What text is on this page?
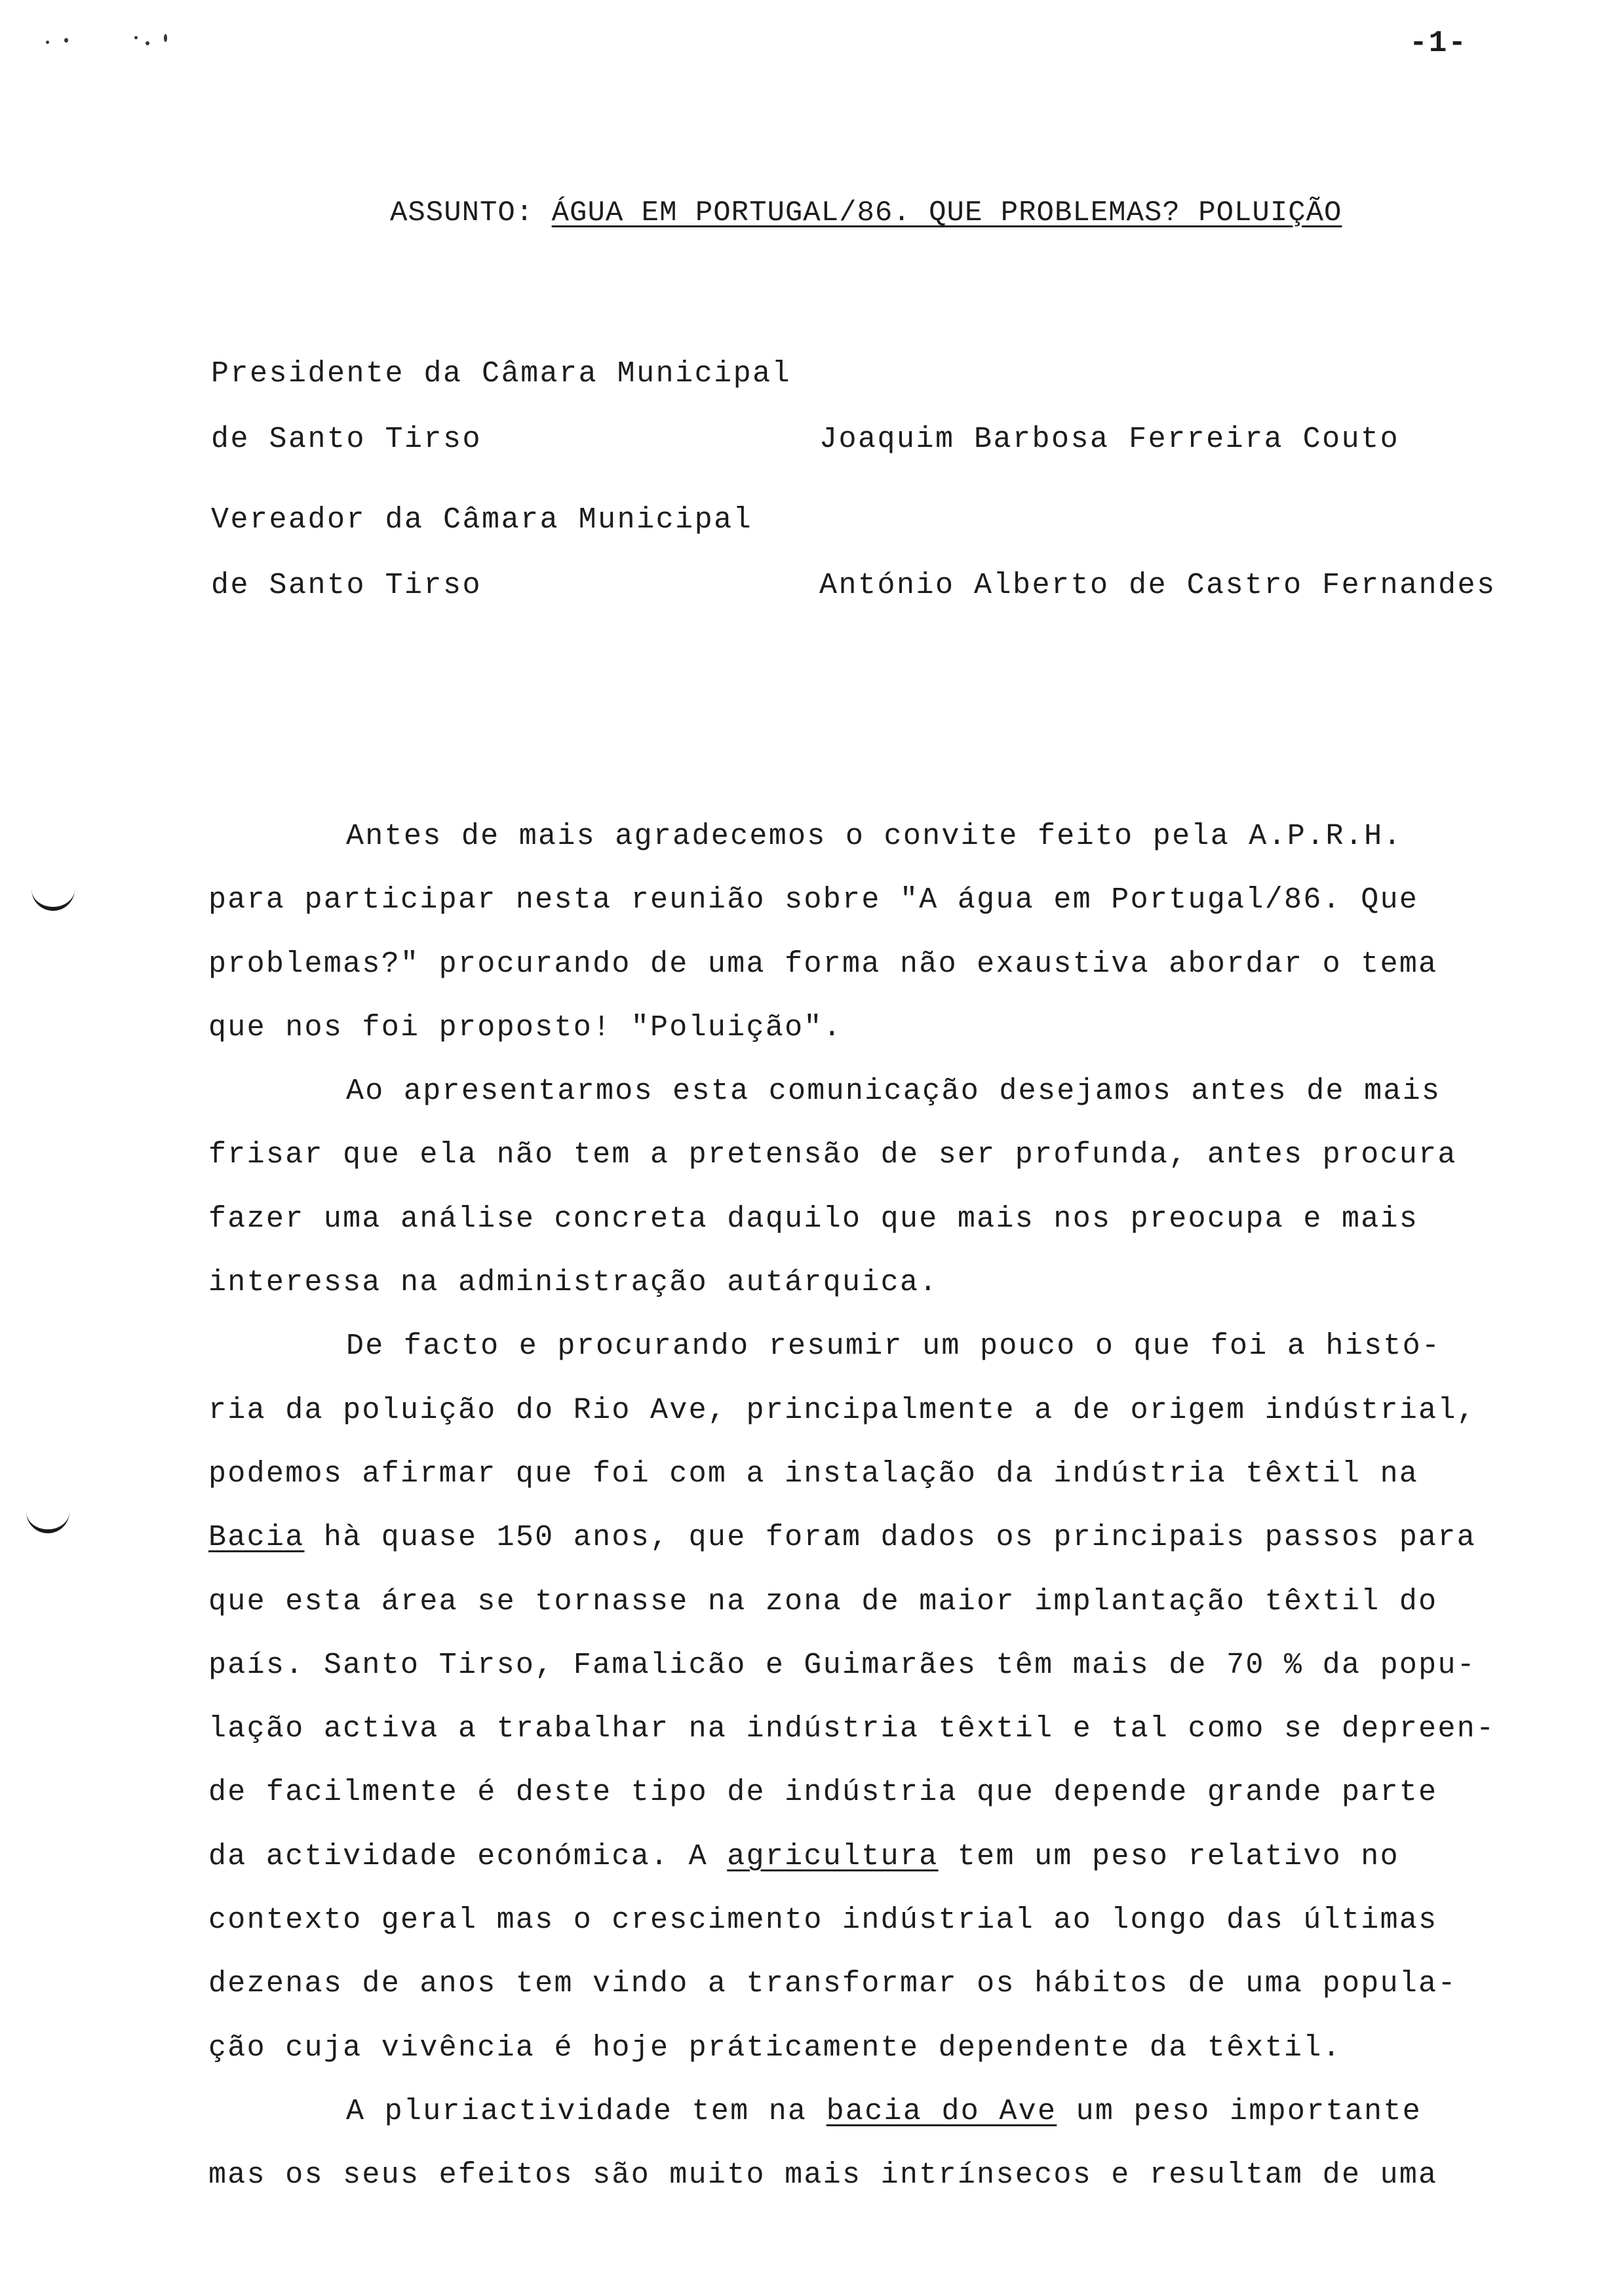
-1-
ASSUNTO: ÁGUA EM PORTUGAL/86. QUE PROBLEMAS? POLUIÇÃO
Presidente da Câmara Municipal
de Santo Tirso	Joaquim Barbosa Ferreira Couto
Vereador da Câmara Municipal
de Santo Tirso	António Alberto de Castro Fernandes
Antes de mais agradecemos o convite feito pela A.P.R.H.
para participar nesta reunião sobre "A água em Portugal/86. Que
problemas?" procurando de uma forma não exaustiva abordar o tema
que nos foi proposto! "Poluição".
Ao apresentarmos esta comunicação desejamos antes de mais
frisar que ela não tem a pretensão de ser profunda, antes procura
fazer uma análise concreta daquilo que mais nos preocupa e mais
interessa na administração autárquica.
De facto e procurando resumir um pouco o que foi a histó-
ria da poluição do Rio Ave, principalmente a de origem indústrial,
podemos afirmar que foi com a instalação da indústria têxtil na
Bacia hà quase 150 anos, que foram dados os principais passos para
que esta área se tornasse na zona de maior implantação têxtil do
país. Santo Tirso, Famalicão e Guimarães têm mais de 70 % da popu-
lação activa a trabalhar na indústria têxtil e tal como se depreen-
de facilmente é deste tipo de indústria que depende grande parte
da actividade económica. A agricultura tem um peso relativo no
contexto geral mas o crescimento indústrial ao longo das últimas
dezenas de anos tem vindo a transformar os hábitos de uma popula-
ção cuja vivência é hoje práticamente dependente da têxtil.
A pluriactividade tem na bacia do Ave um peso importante
mas os seus efeitos são muito mais intrínsecos e resultam de uma
